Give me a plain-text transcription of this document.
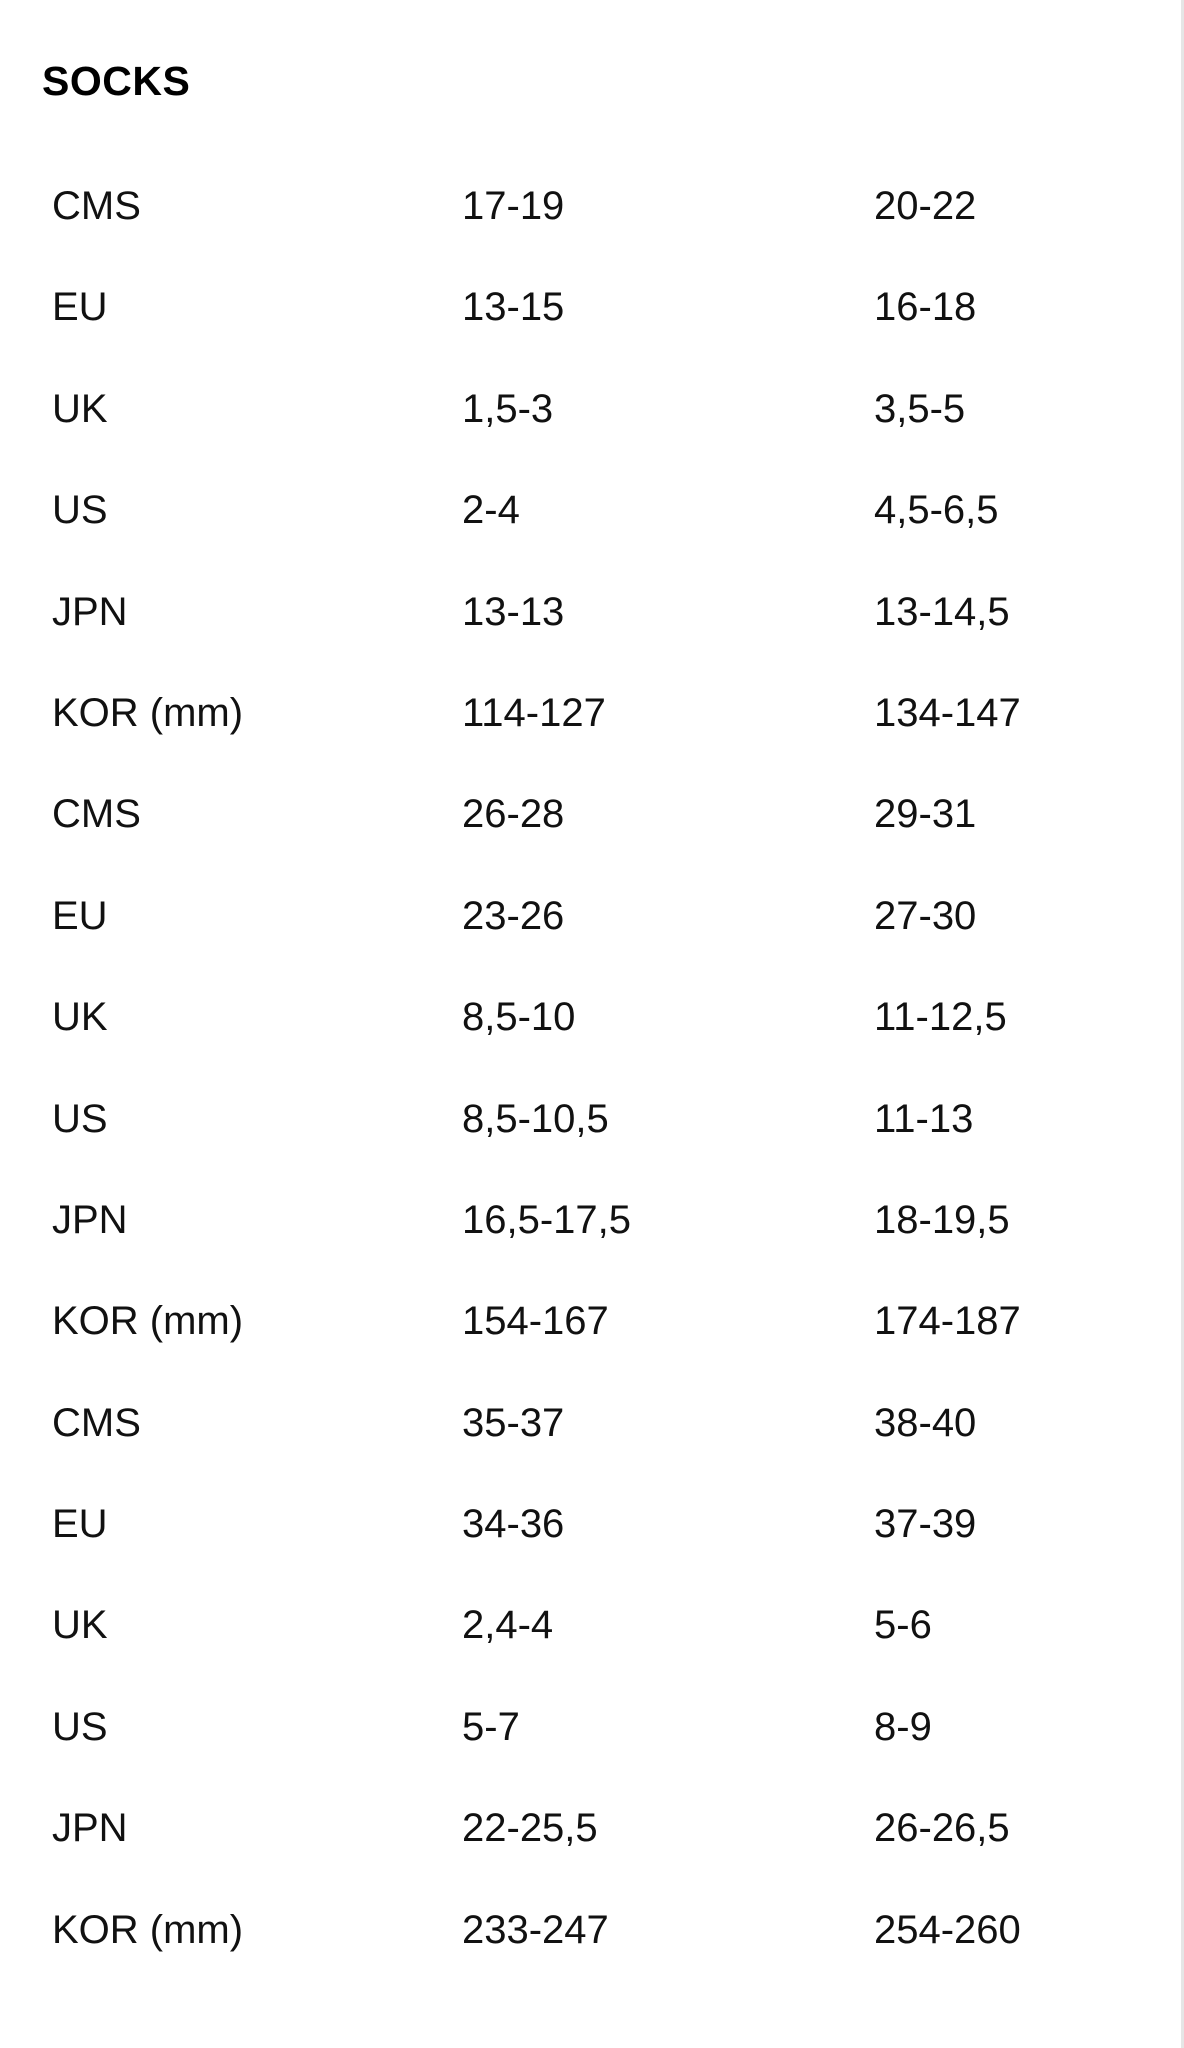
SOCKS
CMS	17-19	20-22
EU	13-15	16-18
UK	1,5-3	3,5-5
US	2-4	4,5-6,5
JPN	13-13	13-14,5
KOR (mm)	114-127	134-147
CMS	26-28	29-31
EU	23-26	27-30
UK	8,5-10	11-12,5
US	8,5-10,5	11-13
JPN	16,5-17,5	18-19,5
KOR (mm)	154-167	174-187
CMS	35-37	38-40
EU	34-36	37-39
UK	2,4-4	5-6
US	5-7	8-9
JPN	22-25,5	26-26,5
KOR (mm)	233-247	254-260
